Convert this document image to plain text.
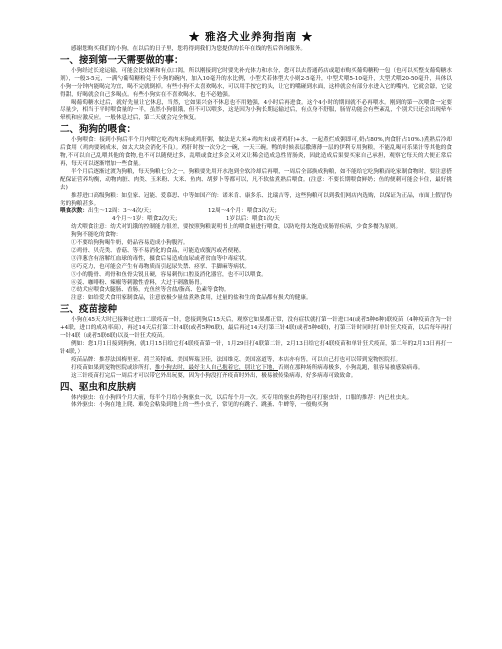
★ 雅洛犬业养狗指南 ★

感谢您购买我们的小狗，在以后的日子里，您将得到我们为您提供的长年在线的售后咨询服务。

一、接到第一天需要做的事：

小狗经过长途运输，可能会比较累和有点口渴，所以刚接到它时要先补充体力和水分，您可以去普通药店或超市购买葡萄糖粉一包（也可以买整支葡萄糖水剂），一般3-5元，一满勺葡萄糖粉兑于小狗的碗内，加入10毫升的水比例，小型犬若体型大小则2-5毫升，中型犬喂5-10毫升，大型犬喂20-50毫升，具体以小狗一分钟内能喝完为宜，喝不完就倒掉。有些小狗不太喜欢喝水，可以用手按它的头，让它的嘴碰到水面，这样就会有部分水进入它的嘴内，它就会舔，它觉得甜，好喝就会自己多喝点。有些小狗实在不喜欢喝水，也不必勉强。

喝葡萄糖水过后，就好先量让它休息，当然，它如果兴奋不休息也不用勉强，4小时后再进食。这个4小时的期间就不必再喂水。刚到的第一次喂食一定要尽量少，相当于平时喂食量的一半，虽然小狗很饿，但不可以喂多，这是因为小狗长期运输过后，有点身不舒服，肠胃功能会有些紊乱，个别犬只还会出现晕车晕机和应激反应。一般休息过后，第二天就会完全恢复。

二、狗狗的喂食：

小狗喂食：接到小狗后半个月内喂它吃鸡肉末狗或鸡肝粥，做法是大米+鸡肉末(或者鸡肝)+水，一起煮烂成粥即可,奶占80%,肉食肝占10%.)煮熟后冷却后食用（鸡肉要剁成末，如太大块会消化不良）。鸡肝时按一次分之一碗，一天三碗。鸭的时候表层撒薄薄一层的伊利专用狗粮，不能乱喝可乐果汁等其他的食物,不可以自己乱喂其他的食物,也不可以随便过多，乱喂或食过多会又对又让稀会造成急性胃肠炎，因此造成后果要买家自己承担，观察它每天的大便正常后再，每天可以逐渐增加一些食量。

半个月后逐渐过渡为狗粮，每天狗粮七分之一，狗粮要先用开水泡到全软冷却后再喂，一周后全部换成狗粮，如不能给它吃狗粮而吃家制食物时，要注意搭配保证营养均衡，动物肉脏、肉类、玉米粉、大米、鱼肉、胡萝卜等都可以，凡不软盐煮熟后喂食。(注意：不要长期喂食鲜奶；鱼的便刺可能会卡住，最好挑去)

推荐进口高级狗粮：如皇家、冠能、爱慕思、中等如国产的：诺米肯、康多乐、比瑞吉等，这些狗粮可以到我们网店内选购，以保证为正品，市面上假冒伪劣的狗粮甚多。

喂食次数： 出生～12周：3～4次/天；	12周～4个月：喂食3次/天；
4个月～1岁：喂食2次/天；	1岁以后：喂食1次/天

幼犬喂食注意：幼犬对饥饿的控制能力很差，要按照狗粮说明书上的喂食量进行喂食，以防吃得太饱造成肠胃疾病，少食多餐为原则。

狗狗不能吃的食物：

①不要给狗狗喝牛奶，奶品容易造成小狗腹泻。

②鸡骨、贝壳类、香菇、等不易消化的食品，可能造成腹泻或者便秘。

③洋葱含有溶解红血球的毒性，摄食后易造成血尿或者贫血等中毒症状。

④巧克力，也可能会产生有毒物质而引起尿失禁、痉挛、手脚麻等病状。

⑤小的脆骨、鸡骨和鱼骨尖锐且硬，容易刺伤口腔及消化器官，也不可以喂食。

⑥姜、咖啡粉、辣椒等刺激性香料，大过于刺激肠胃。

⑦幼犬应喂食火腿肠、香肠，充鱼丝等含盐/脂高、色素等食物。

注意：如给爱犬食用家制食品，注意放极少量盐煮熟食用，过量的盐和生的食品都有损犬的健康。

三、疫苗接种

小狗在45天大时已接种过进口二联疫苗一针，您接到狗后15天后，观察它如果都正常，没有症状就打第一针进口4(或者5种6种)联疫苗（4种疫苗含为一针+4联，进口的成功率高），再过14天后打第二针4联(或者5种6联)，最后再过14天打第三针4联(或者5种6联)，打第三针时同时打单针狂犬疫苗，以后每年再打一针4联（或者5联6联)以及一针狂犬疫苗。

例如：您1月1日接到狗狗，就1月15日给它打4联疫苗第一针，1月29日打4联第二针，2月13日给它打4联疫苗和单针狂犬疫苗，第二年的2月13日再打一针4联，）

疫苗品牌：推荐法国梅里亚、荷兰英特威、美国辉瑞卫佳，法国维克、美国富道等，本店亦有售，可以自己打也可以带到宠物医院打。

打疫苗如果到宠物医院或诊所打，推小狗去时，最好主人自己抱着它，别让它下地，否则在那种场所病毒极多，小狗乱跑，很容易被感染病毒。

这三针疫苗打完后一周后才可以带它外出玩耍，因为小狗没打齐疫苗时外出，极易被传染病毒，好多病毒可致致命。

四、驱虫和皮肤病

体内驱虫：在小狗四个月大前，每半个月给小狗驱虫一次，以后每个月一次。买专用的驱虫药物也可打驱虫针，口服的推荐：内已杜虫丸。

体外驱虫：小狗在地上爬、难免会粘染到地上的一些小虫子，常见的有跳子、跳蚤、牛蜱等，一般购买狗
